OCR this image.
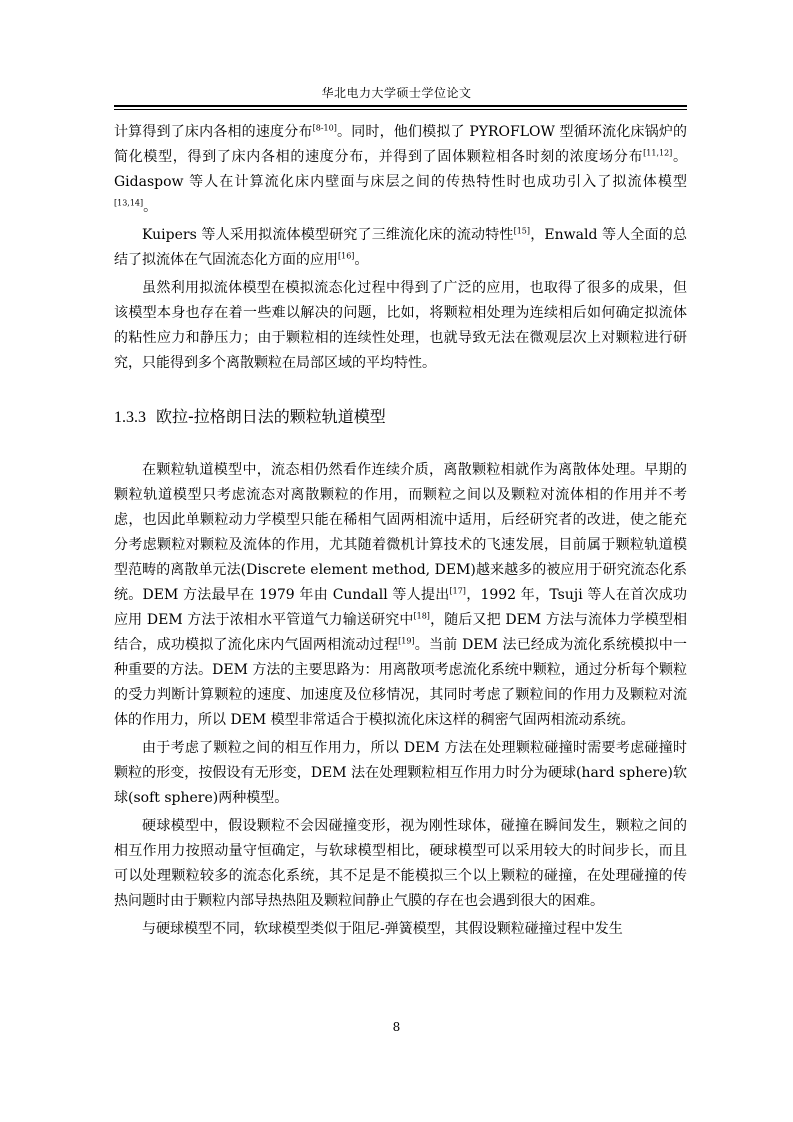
华北电力大学硕士学位论文

计算得到了床内各相的速度分布[8-10]。同时，他们模拟了 PYROFLOW 型循环流化床锅炉的简化模型，得到了床内各相的速度分布，并得到了固体颗粒相各时刻的浓度场分布[11,12]。Gidaspow 等人在计算流化床内壁面与床层之间的传热特性时也成功引入了拟流体模型[13,14]。

Kuipers 等人采用拟流体模型研究了三维流化床的流动特性[15]，Enwald 等人全面的总结了拟流体在气固流态化方面的应用[16]。

虽然利用拟流体模型在模拟流态化过程中得到了广泛的应用，也取得了很多的成果，但该模型本身也存在着一些难以解决的问题，比如，将颗粒相处理为连续相后如何确定拟流体的粘性应力和静压力；由于颗粒相的连续性处理，也就导致无法在微观层次上对颗粒进行研究，只能得到多个离散颗粒在局部区域的平均特性。

1.3.3 欧拉-拉格朗日法的颗粒轨道模型

在颗粒轨道模型中，流态相仍然看作连续介质，离散颗粒相就作为离散体处理。早期的颗粒轨道模型只考虑流态对离散颗粒的作用，而颗粒之间以及颗粒对流体相的作用并不考虑，也因此单颗粒动力学模型只能在稀相气固两相流中适用，后经研究者的改进，使之能充分考虑颗粒对颗粒及流体的作用，尤其随着微机计算技术的飞速发展，目前属于颗粒轨道模型范畴的离散单元法(Discrete element method, DEM)越来越多的被应用于研究流态化系统。DEM 方法最早在 1979 年由 Cundall 等人提出[17]，1992 年，Tsuji 等人在首次成功应用 DEM 方法于浓相水平管道气力输送研究中[18]，随后又把 DEM 方法与流体力学模型相结合，成功模拟了流化床内气固两相流动过程[19]。当前 DEM 法已经成为流化系统模拟中一种重要的方法。DEM 方法的主要思路为：用离散项考虑流化系统中颗粒，通过分析每个颗粒的受力判断计算颗粒的速度、加速度及位移情况，其同时考虑了颗粒间的作用力及颗粒对流体的作用力，所以 DEM 模型非常适合于模拟流化床这样的稠密气固两相流动系统。

由于考虑了颗粒之间的相互作用力，所以 DEM 方法在处理颗粒碰撞时需要考虑碰撞时颗粒的形变，按假设有无形变，DEM 法在处理颗粒相互作用力时分为硬球(hard sphere)软球(soft sphere)两种模型。

硬球模型中，假设颗粒不会因碰撞变形，视为刚性球体，碰撞在瞬间发生，颗粒之间的相互作用力按照动量守恒确定，与软球模型相比，硬球模型可以采用较大的时间步长，而且可以处理颗粒较多的流态化系统，其不足是不能模拟三个以上颗粒的碰撞，在处理碰撞的传热问题时由于颗粒内部导热热阻及颗粒间静止气膜的存在也会遇到很大的困难。

与硬球模型不同，软球模型类似于阻尼-弹簧模型，其假设颗粒碰撞过程中发生

8
